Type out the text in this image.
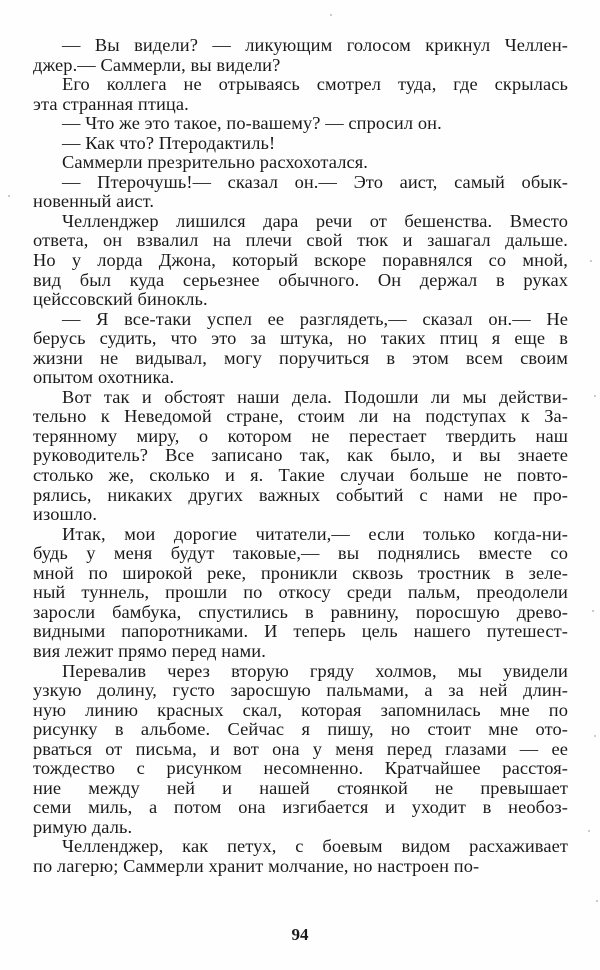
— Вы видели? — ликующим голосом крикнул Челлен-
джер.— Саммерли, вы видели?
Его коллега не отрываясь смотрел туда, где скрылась
эта странная птица.
— Что же это такое, по-вашему? — спросил он.
— Как что? Птеродактиль!
Саммерли презрительно расхохотался.
— Птерочушь!— сказал он.— Это аист, самый обык-
новенный аист.
Челленджер лишился дара речи от бешенства. Вместо
ответа, он взвалил на плечи свой тюк и зашагал дальше.
Но у лорда Джона, который вскоре поравнялся со мной,
вид был куда серьезнее обычного. Он держал в руках
цейссовский бинокль.
— Я все-таки успел ее разглядеть,— сказал он.— Не
берусь судить, что это за штука, но таких птиц я еще в
жизни не видывал, могу поручиться в этом всем своим
опытом охотника.
Вот так и обстоят наши дела. Подошли ли мы действи-
тельно к Неведомой стране, стоим ли на подступах к За-
терянному миру, о котором не перестает твердить наш
руководитель? Все записано так, как было, и вы знаете
столько же, сколько и я. Такие случаи больше не повто-
рялись, никаких других важных событий с нами не про-
изошло.
Итак, мои дорогие читатели,— если только когда-ни-
будь у меня будут таковые,— вы поднялись вместе со
мной по широкой реке, проникли сквозь тростник в зеле-
ный туннель, прошли по откосу среди пальм, преодолели
заросли бамбука, спустились в равнину, поросшую древо-
видными папоротниками. И теперь цель нашего путешест-
вия лежит прямо перед нами.
Перевалив через вторую гряду холмов, мы увидели
узкую долину, густо заросшую пальмами, а за ней длин-
ную линию красных скал, которая запомнилась мне по
рисунку в альбоме. Сейчас я пишу, но стоит мне ото-
рваться от письма, и вот она у меня перед глазами — ее
тождество с рисунком несомненно. Кратчайшее расстоя-
ние между ней и нашей стоянкой не превышает
семи миль, а потом она изгибается и уходит в необоз-
римую даль.
Челленджер, как петух, с боевым видом расхаживает
по лагерю; Саммерли хранит молчание, но настроен по-
94
